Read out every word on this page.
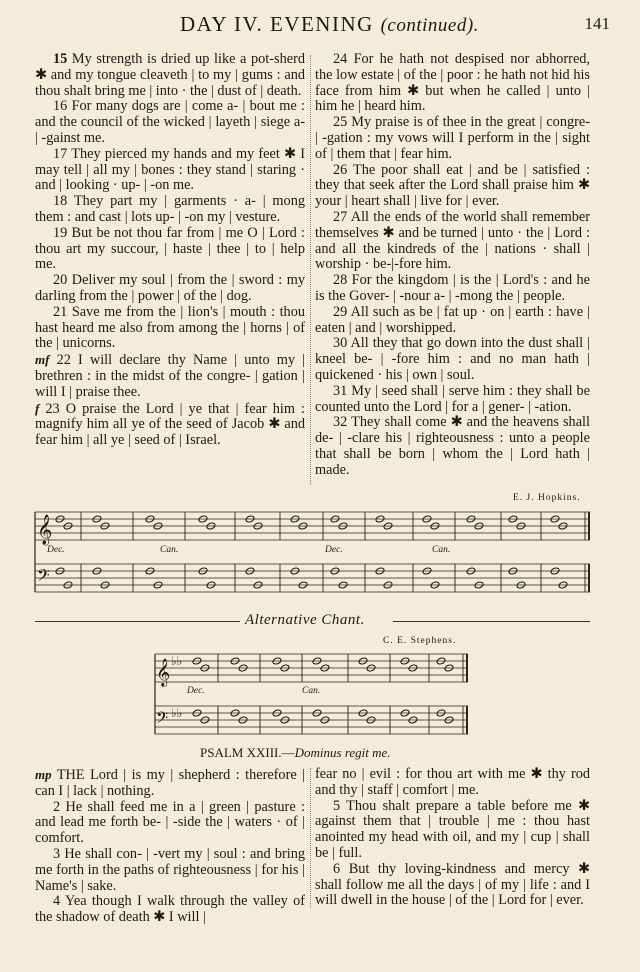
DAY IV. EVENING (continued).	141

15 My strength is dried up like a pot-sherd ✱ and my tongue cleaveth | to my | gums : and thou shalt bring me | into · the | dust of | death.

16 For many dogs are | come a- | bout me : and the council of the wicked | layeth | siege a- | -gainst me.

17 They pierced my hands and my feet ✱ I may tell | all my | bones : they stand | staring · and | looking · up- | -on me.

18 They part my | garments · a- | mong them : and cast | lots up- | -on my | vesture.

19 But be not thou far from | me O | Lord : thou art my succour, | haste | thee | to | help me.

20 Deliver my soul | from the | sword : my darling from the | power | of the | dog.

21 Save me from the | lion's | mouth : thou hast heard me also from among the | horns | of the | unicorns.

mf 22 I will declare thy Name | unto my | brethren : in the midst of the congre- | gation | will I | praise thee.

f 23 O praise the Lord | ye that | fear him : magnify him all ye of the seed of Jacob ✱ and fear him | all ye | seed of | Israel.

24 For he hath not despised nor abhorred, the low estate | of the | poor : he hath not hid his face from him ✱ but when he called | unto | him he | heard him.

25 My praise is of thee in the great | congre- | -gation : my vows will I perform in the | sight of | them that | fear him.

26 The poor shall eat | and be | satisfied : they that seek after the Lord shall praise him ✱ your | heart shall | live for | ever.

27 All the ends of the world shall remember themselves ✱ and be turned | unto · the | Lord : and all the kindreds of the | nations · shall | worship · be-|-fore him.

28 For the kingdom | is the | Lord's : and he is the Gover- | -nour a- | -mong the | people.

29 All such as be | fat up · on | earth : have | eaten | and | worshipped.

30 All they that go down into the dust shall | kneel be- | -fore him : and no man hath | quickened · his | own | soul.

31 My | seed shall | serve him : they shall be counted unto the Lord | for a | gener- | -ation.

32 They shall come ✱ and the heavens shall de- | -clare his | righteousness : unto a people that shall be born | whom the | Lord hath | made.

E. J. Hopkins.
𝄞
𝄢
Dec.	Can.	Dec.	Can.
Alternative Chant.
C. E. Stephens.
𝄞 ♭♭
𝄢 ♭♭
Dec.	Can.
PSALM XXIII.—Dominus regit me.

mp THE Lord | is my | shepherd : therefore | can I | lack | nothing.

2 He shall feed me in a | green | pasture : and lead me forth be- | -side the | waters · of | comfort.

3 He shall con- | -vert my | soul : and bring me forth in the paths of righteousness | for his | Name's | sake.

4 Yea though I walk through the valley of the shadow of death ✱ I will |

fear no | evil : for thou art with me ✱ thy rod and thy | staff | comfort | me.

5 Thou shalt prepare a table before me ✱ against them that | trouble | me : thou hast anointed my head with oil, and my | cup | shall be | full.

6 But thy loving-kindness and mercy ✱ shall follow me all the days | of my | life : and I will dwell in the house | of the | Lord for | ever.
